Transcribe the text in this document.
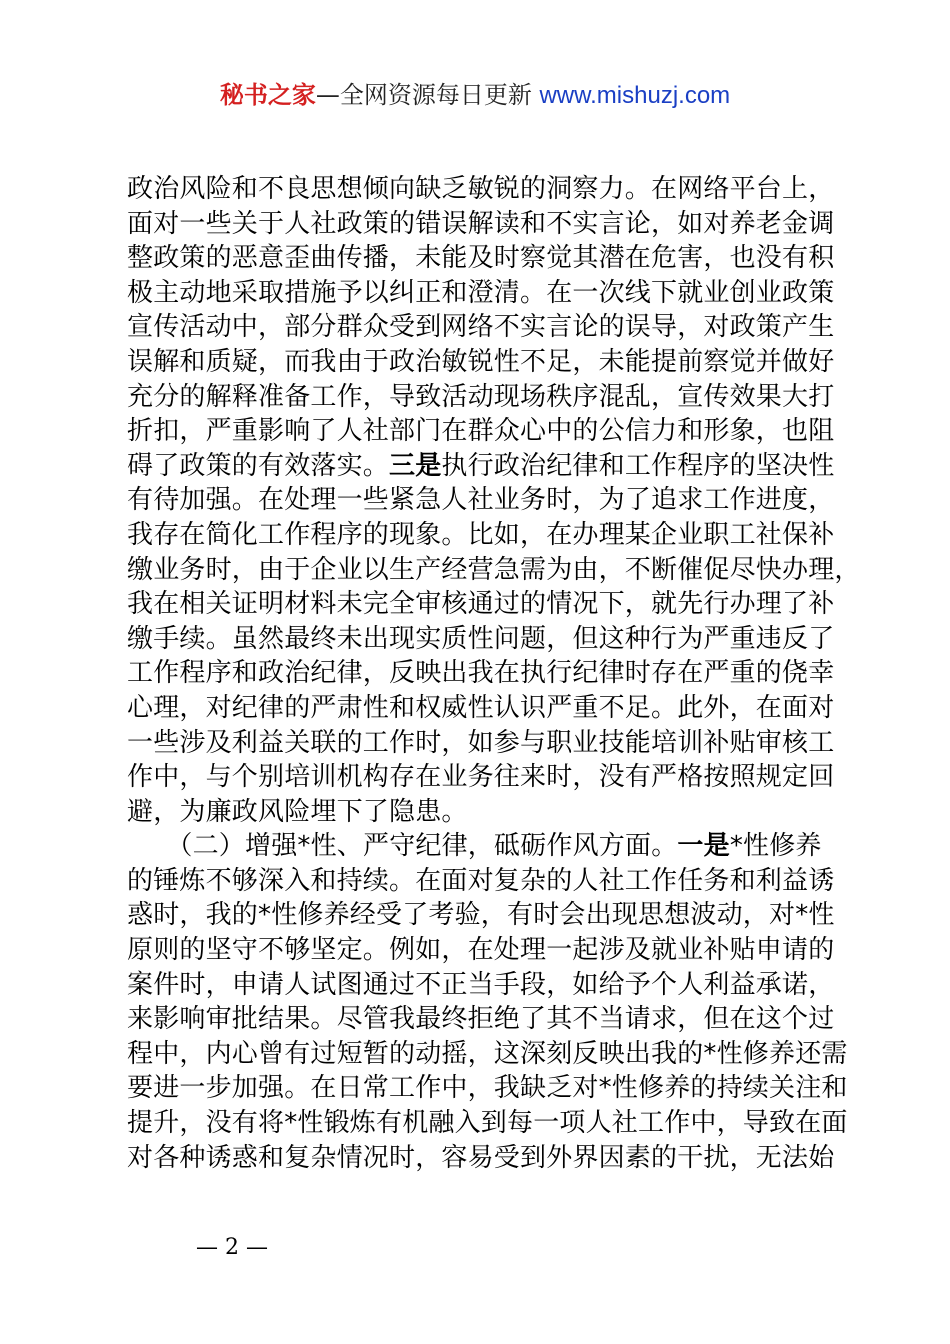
秘书之家—全网资源每日更新 www.mishuzj.com
政治风险和不良思想倾向缺乏敏锐的洞察力。在网络平台上，
面对一些关于人社政策的错误解读和不实言论，如对养老金调
整政策的恶意歪曲传播，未能及时察觉其潜在危害，也没有积
极主动地采取措施予以纠正和澄清。在一次线下就业创业政策
宣传活动中，部分群众受到网络不实言论的误导，对政策产生
误解和质疑，而我由于政治敏锐性不足，未能提前察觉并做好
充分的解释准备工作，导致活动现场秩序混乱，宣传效果大打
折扣，严重影响了人社部门在群众心中的公信力和形象，也阻
碍了政策的有效落实。三是执行政治纪律和工作程序的坚决性
有待加强。在处理一些紧急人社业务时，为了追求工作进度，
我存在简化工作程序的现象。比如，在办理某企业职工社保补
缴业务时，由于企业以生产经营急需为由，不断催促尽快办理，
我在相关证明材料未完全审核通过的情况下，就先行办理了补
缴手续。虽然最终未出现实质性问题，但这种行为严重违反了
工作程序和政治纪律，反映出我在执行纪律时存在严重的侥幸
心理，对纪律的严肃性和权威性认识严重不足。此外，在面对
一些涉及利益关联的工作时，如参与职业技能培训补贴审核工
作中，与个别培训机构存在业务往来时，没有严格按照规定回
避，为廉政风险埋下了隐患。
　　（二）增强*性、严守纪律，砥砺作风方面。一是*性修养
的锤炼不够深入和持续。在面对复杂的人社工作任务和利益诱
惑时，我的*性修养经受了考验，有时会出现思想波动，对*性
原则的坚守不够坚定。例如，在处理一起涉及就业补贴申请的
案件时，申请人试图通过不正当手段，如给予个人利益承诺，
来影响审批结果。尽管我最终拒绝了其不当请求，但在这个过
程中，内心曾有过短暂的动摇，这深刻反映出我的*性修养还需
要进一步加强。在日常工作中，我缺乏对*性修养的持续关注和
提升，没有将*性锻炼有机融入到每一项人社工作中，导致在面
对各种诱惑和复杂情况时，容易受到外界因素的干扰，无法始
— 2 —
